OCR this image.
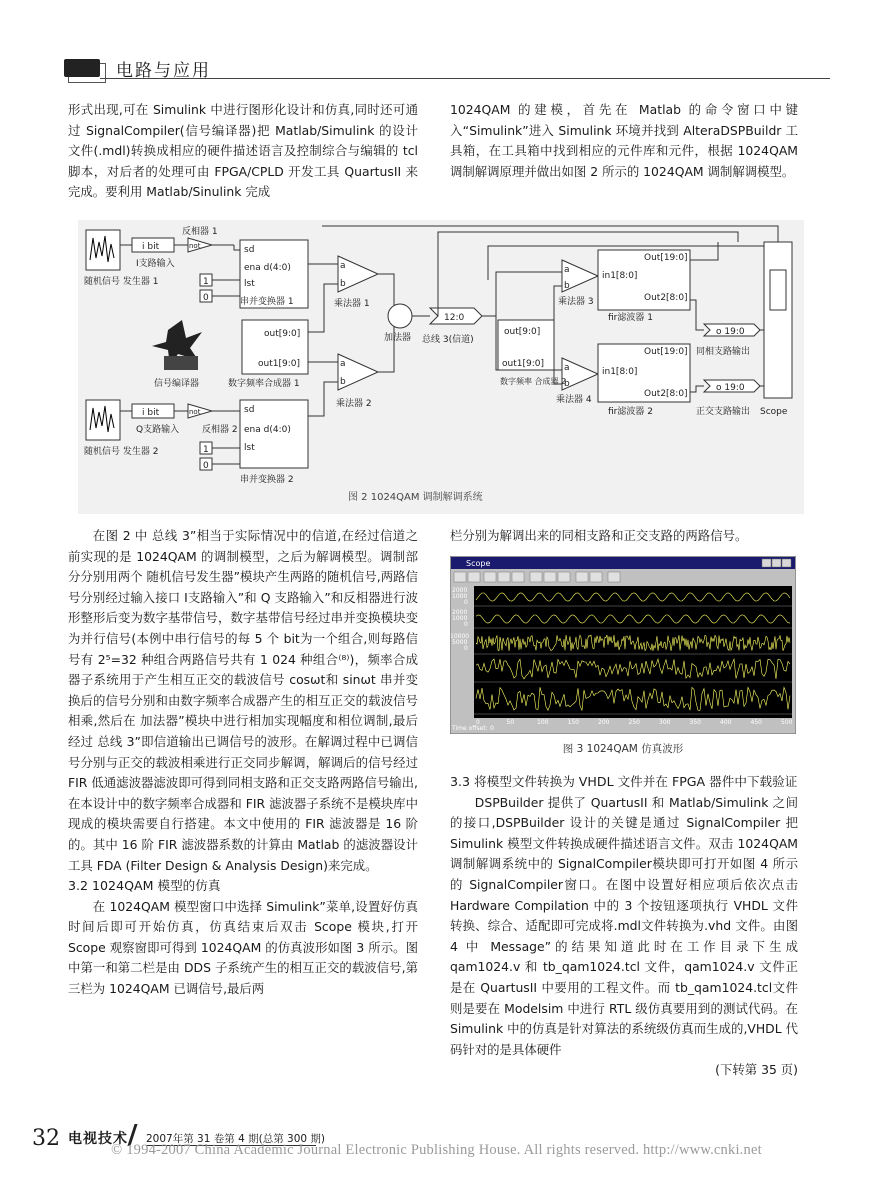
电路与应用

形式出现,可在 Simulink 中进行图形化设计和仿真,同时还可通过 SignalCompiler(信号编译器)把 Matlab/Simulink 的设计文件(.mdl)转换成相应的硬件描述语言及控制综合与编辑的 tcl脚本，对后者的处理可由 FPGA/CPLD 开发工具 QuartusII 来完成。要利用 Matlab/Sinulink 完成

1024QAM 的建模，首先在 Matlab 的命令窗口中键入“Simulink”进入 Simulink 环境并找到 AlteraDSPBuildr 工具箱，在工具箱中找到相应的元件库和元件，根据 1024QAM 调制解调原理并做出如图 2 所示的 1024QAM 调制解调模型。

随机信号 发生器 1
随机信号 发生器 2
i bit
i bit
I支路输入
Q支路输入
反相器 1
反相器 2
not
not
sd
ena d(4:0)
lst
sd
ena d(4:0)
lst
1
0
1
0
串并变换器 1
串并变换器 2
out[9:0]
out1[9:0]
数字频率合成器 1
信号编译器
a
b
a
b
乘法器 1
乘法器 2
加法器
12:0
总线 3(信道)
out[9:0]
out1[9:0]
数字频率 合成器 2
a
b
a
b
乘法器 3
乘法器 4
Out[19:0]
in1[8:0]
Out2[8:0]
fir滤波器 1
Out[19:0]
in1[8:0]
Out2[8:0]
fir滤波器 2
o 19:0
o 19:0
同相支路输出
正交支路输出 Scope
图 2 1024QAM 调制解调系统

在图 2 中 总线 3”相当于实际情况中的信道,在经过信道之前实现的是 1024QAM 的调制模型，之后为解调模型。调制部分分别用两个 随机信号发生器”模块产生两路的随机信号,两路信号分别经过输入接口 I支路输入”和 Q 支路输入”和反相器进行波形整形后变为数字基带信号，数字基带信号经过串并变换模块变为并行信号(本例中串行信号的每 5 个 bit为一个组合,则每路信号有 2⁵=32 种组合两路信号共有 1 024 种组合⁽⁸⁾)，频率合成器子系统用于产生相互正交的载波信号 cosωt和 sinωt 串并变换后的信号分别和由数字频率合成器产生的相互正交的载波信号相乘,然后在 加法器”模块中进行相加实现幅度和相位调制,最后经过 总线 3”即信道输出已调信号的波形。在解调过程中已调信号分别与正交的载波相乘进行正交同步解调，解调后的信号经过 FIR 低通滤波器滤波即可得到同相支路和正交支路两路信号输出,在本设计中的数字频率合成器和 FIR 滤波器子系统不是模块库中现成的模块需要自行搭建。本文中使用的 FIR 滤波器是 16 阶的。其中 16 阶 FIR 滤波器系数的计算由 Matlab 的滤波器设计工具 FDA (Filter Design & Analysis Design)来完成。

3.2 1024QAM 模型的仿真

在 1024QAM 模型窗口中选择 Simulink”菜单,设置好仿真时间后即可开始仿真，仿真结束后双击 Scope 模块,打开 Scope 观察窗即可得到 1024QAM 的仿真波形如图 3 所示。图中第一和第二栏是由 DDS 子系统产生的相互正交的载波信号,第三栏为 1024QAM 已调信号,最后两

栏分别为解调出来的同相支路和正交支路的两路信号。

Scope
2000
1000
0
2000
1000
0
10000
5000
0
0	50	100	150	200	250	300	350	400	450	500
Time offset: 0
图 3 1024QAM 仿真波形

3.3 将模型文件转换为 VHDL 文件并在 FPGA 器件中下载验证

DSPBuilder 提供了 QuartusII 和 Matlab/Simulink 之间的接口,DSPBuilder 设计的关键是通过 SignalCompiler 把 Simulink 模型文件转换成硬件描述语言文件。双击 1024QAM 调制解调系统中的 SignalCompiler模块即可打开如图 4 所示的 SignalCompiler窗口。在图中设置好相应项后依次点击 Hardware Compilation 中的 3 个按钮逐项执行 VHDL 文件转换、综合、适配即可完成将.mdl文件转换为.vhd 文件。由图 4 中 Message”的结果知道此时在工作目录下生成 qam1024.v 和 tb_qam1024.tcl 文件，qam1024.v 文件正是在 QuartusII 中要用的工程文件。而 tb_qam1024.tcl文件则是要在 Modelsim 中进行 RTL 级仿真要用到的测试代码。在 Simulink 中的仿真是针对算法的系统级仿真而生成的,VHDL 代码针对的是具体硬件

(下转第 35 页)

32 电视技术 2007年第 31 卷第 4 期(总第 300 期)
© 1994-2007 China Academic Journal Electronic Publishing House. All rights reserved. http://www.cnki.net
